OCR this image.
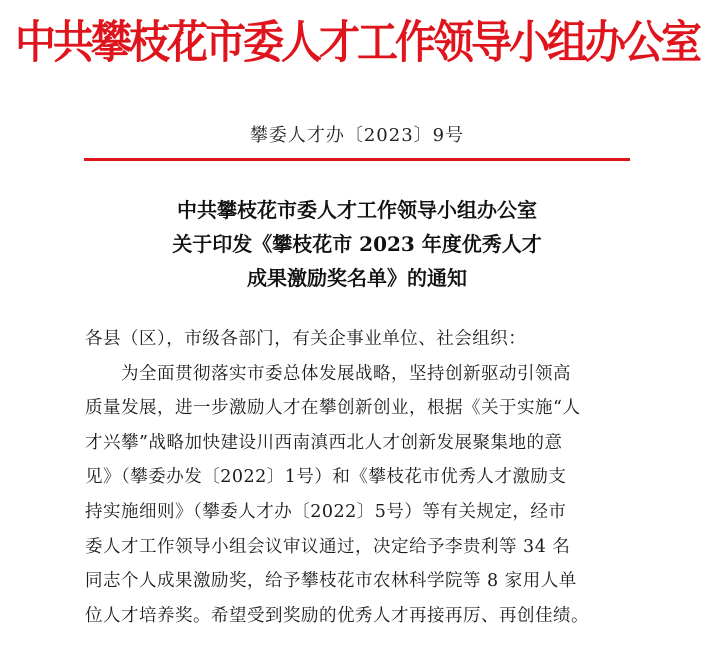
中共攀枝花市委人才工作领导小组办公室
攀委人才办〔2023〕9号
中共攀枝花市委人才工作领导小组办公室
关于印发《攀枝花市 2023 年度优秀人才
成果激励奖名单》的通知
各县（区），市级各部门，有关企事业单位、社会组织：
为全面贯彻落实市委总体发展战略，坚持创新驱动引领高
质量发展，进一步激励人才在攀创新创业，根据《关于实施“人
才兴攀”战略加快建设川西南滇西北人才创新发展聚集地的意
见》（攀委办发〔2022〕1号）和《攀枝花市优秀人才激励支
持实施细则》（攀委人才办〔2022〕5号）等有关规定，经市
委人才工作领导小组会议审议通过，决定给予李贵利等 34 名
同志个人成果激励奖，给予攀枝花市农林科学院等 8 家用人单
位人才培养奖。希望受到奖励的优秀人才再接再厉、再创佳绩。
